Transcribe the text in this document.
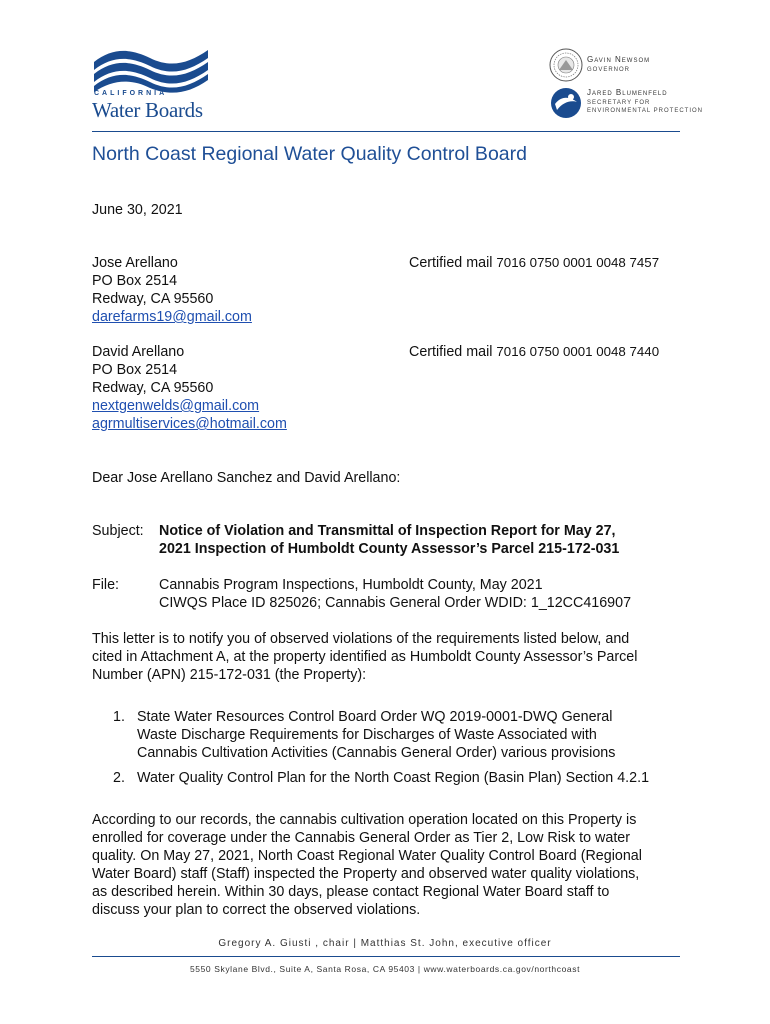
CALIFORNIA
Water Boards
Gavin Newsom
GOVERNOR
Jared Blumenfeld
SECRETARY FOR
ENVIRONMENTAL PROTECTION
North Coast Regional Water Quality Control Board
June 30, 2021
Jose Arellano
PO Box 2514
Redway, CA 95560
darefarms19@gmail.com
Certified mail 7016 0750 0001 0048 7457
David Arellano
PO Box 2514
Redway, CA 95560
nextgenwelds@gmail.com
agrmultiservices@hotmail.com
Certified mail 7016 0750 0001 0048 7440
Dear Jose Arellano Sanchez and David Arellano:
Subject: Notice of Violation and Transmittal of Inspection Report for May 27,
2021 Inspection of Humboldt County Assessor’s Parcel 215-172-031
File:	Cannabis Program Inspections, Humboldt County, May 2021
CIWQS Place ID 825026; Cannabis General Order WDID: 1_12CC416907
This letter is to notify you of observed violations of the requirements listed below, and
cited in Attachment A, at the property identified as Humboldt County Assessor’s Parcel
Number (APN) 215-172-031 (the Property):
1. State Water Resources Control Board Order WQ 2019-0001-DWQ General
Waste Discharge Requirements for Discharges of Waste Associated with
Cannabis Cultivation Activities (Cannabis General Order) various provisions
2. Water Quality Control Plan for the North Coast Region (Basin Plan) Section 4.2.1
According to our records, the cannabis cultivation operation located on this Property is
enrolled for coverage under the Cannabis General Order as Tier 2, Low Risk to water
quality. On May 27, 2021, North Coast Regional Water Quality Control Board (Regional
Water Board) staff (Staff) inspected the Property and observed water quality violations,
as described herein. Within 30 days, please contact Regional Water Board staff to
discuss your plan to correct the observed violations.
Gregory A. Giusti , chair | Matthias St. John, executive officer
5550 Skylane Blvd., Suite A, Santa Rosa, CA 95403 | www.waterboards.ca.gov/northcoast
